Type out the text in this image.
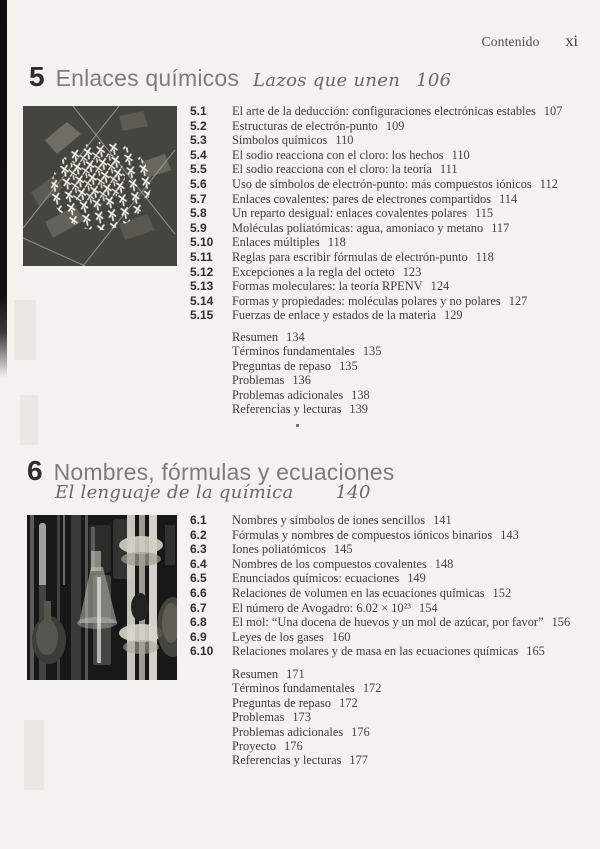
Contenido xi
5 Enlaces químicos Lazos que unen 106
5.1	El arte de la deducción: configuraciones electrónicas estables 107
5.2	Estructuras de electrón-punto 109
5.3	Símbolos químicos 110
5.4	El sodio reacciona con el cloro: los hechos 110
5.5	El sodio reacciona con el cloro: la teoría 111
5.6	Uso de símbolos de electrón-punto: más compuestos iónicos 112
5.7	Enlaces covalentes: pares de electrones compartidos 114
5.8	Un reparto desigual: enlaces covalentes polares 115
5.9	Moléculas poliatómicas: agua, amoniaco y metano 117
5.10	Enlaces múltiples 118
5.11	Reglas para escribir fórmulas de electrón-punto 118
5.12	Excepciones a la regla del octeto 123
5.13	Formas moleculares: la teoría RPENV 124
5.14	Formas y propiedades: moléculas polares y no polares 127
5.15	Fuerzas de enlace y estados de la materia 129
Resumen 134
Términos fundamentales 135
Preguntas de repaso 135
Problemas 136
Problemas adicionales 138
Referencias y lecturas 139
6 Nombres, fórmulas y ecuaciones
El lenguaje de la química 140
6.1	Nombres y símbolos de iones sencillos 141
6.2	Fórmulas y nombres de compuestos iónicos binarios 143
6.3	Iones poliatómicos 145
6.4	Nombres de los compuestos covalentes 148
6.5	Enunciados químicos: ecuaciones 149
6.6	Relaciones de volumen en las ecuaciones químicas 152
6.7	El número de Avogadro: 6.02 × 10²³ 154
6.8	El mol: “Una docena de huevos y un mol de azúcar, por favor” 156
6.9	Leyes de los gases 160
6.10	Relaciones molares y de masa en las ecuaciones químicas 165
Resumen 171
Términos fundamentales 172
Preguntas de repaso 172
Problemas 173
Problemas adicionales 176
Proyecto 176
Referencias y lecturas 177
